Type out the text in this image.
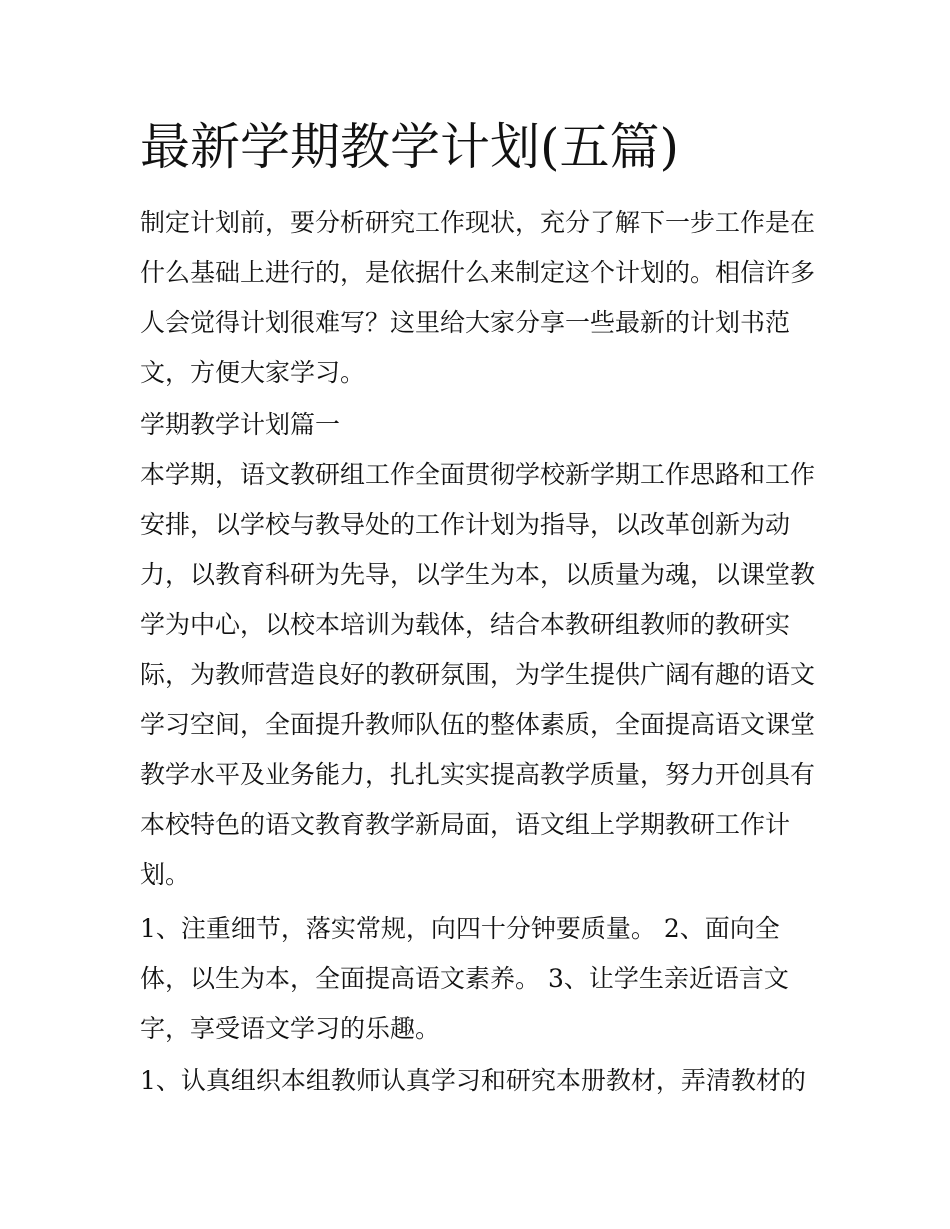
最新学期教学计划(五篇)

制定计划前，要分析研究工作现状，充分了解下一步工作是在

什么基础上进行的，是依据什么来制定这个计划的。相信许多

人会觉得计划很难写？这里给大家分享一些最新的计划书范

文，方便大家学习。

学期教学计划篇一

本学期，语文教研组工作全面贯彻学校新学期工作思路和工作

安排，以学校与教导处的工作计划为指导，以改革创新为动

力，以教育科研为先导，以学生为本，以质量为魂，以课堂教

学为中心，以校本培训为载体，结合本教研组教师的教研实

际，为教师营造良好的教研氛围，为学生提供广阔有趣的语文

学习空间，全面提升教师队伍的整体素质，全面提高语文课堂

教学水平及业务能力，扎扎实实提高教学质量，努力开创具有

本校特色的语文教育教学新局面，语文组上学期教研工作计

划。

1、注重细节，落实常规，向四十分钟要质量。 2、面向全

体，以生为本，全面提高语文素养。 3、让学生亲近语言文

字，享受语文学习的乐趣。

1、认真组织本组教师认真学习和研究本册教材，弄清教材的
